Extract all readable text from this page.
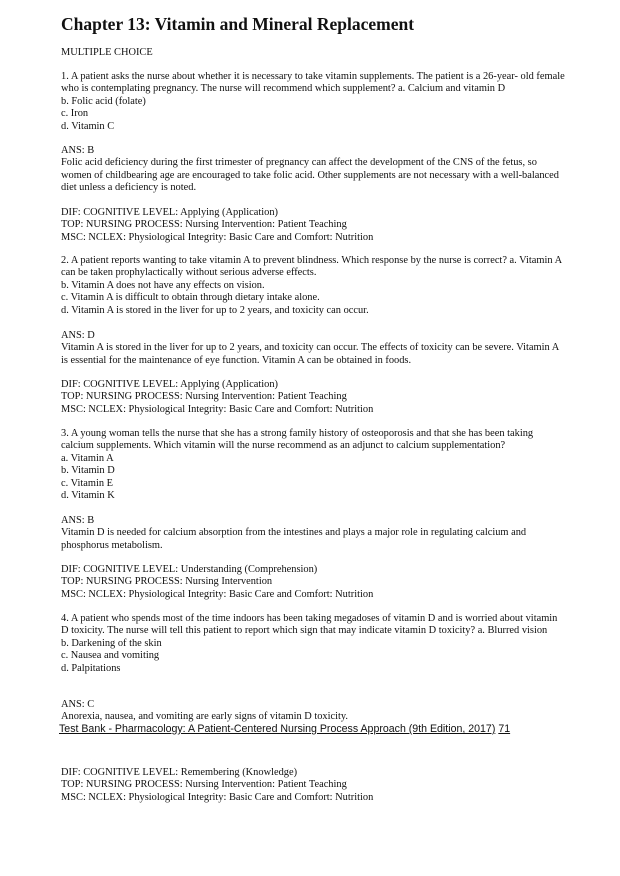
Chapter 13: Vitamin and Mineral Replacement
MULTIPLE CHOICE

1. A patient asks the nurse about whether it is necessary to take vitamin supplements. The patient is a 26-year- old female who is contemplating pregnancy. The nurse will recommend which supplement? a. Calcium and vitamin D

b. Folic acid (folate)
c. Iron
d. Vitamin C
ANS: B

Folic acid deficiency during the first trimester of pregnancy can affect the development of the CNS of the fetus, so women of childbearing age are encouraged to take folic acid. Other supplements are not necessary with a well-balanced diet unless a deficiency is noted.

DIF: COGNITIVE LEVEL: Applying (Application)
TOP: NURSING PROCESS: Nursing Intervention: Patient Teaching
MSC: NCLEX: Physiological Integrity: Basic Care and Comfort: Nutrition

2. A patient reports wanting to take vitamin A to prevent blindness. Which response by the nurse is correct? a. Vitamin A can be taken prophylactically without serious adverse effects.

b. Vitamin A does not have any effects on vision.
c. Vitamin A is difficult to obtain through dietary intake alone.
d. Vitamin A is stored in the liver for up to 2 years, and toxicity can occur.
ANS: D

Vitamin A is stored in the liver for up to 2 years, and toxicity can occur. The effects of toxicity can be severe. Vitamin A is essential for the maintenance of eye function. Vitamin A can be obtained in foods.

DIF: COGNITIVE LEVEL: Applying (Application)
TOP: NURSING PROCESS: Nursing Intervention: Patient Teaching
MSC: NCLEX: Physiological Integrity: Basic Care and Comfort: Nutrition

3. A young woman tells the nurse that she has a strong family history of osteoporosis and that she has been taking calcium supplements. Which vitamin will the nurse recommend as an adjunct to calcium supplementation?

a. Vitamin A
b. Vitamin D
c. Vitamin E
d. Vitamin K
ANS: B

Vitamin D is needed for calcium absorption from the intestines and plays a major role in regulating calcium and phosphorus metabolism.

DIF: COGNITIVE LEVEL: Understanding (Comprehension)
TOP: NURSING PROCESS: Nursing Intervention
MSC: NCLEX: Physiological Integrity: Basic Care and Comfort: Nutrition

4. A patient who spends most of the time indoors has been taking megadoses of vitamin D and is worried about vitamin D toxicity. The nurse will tell this patient to report which sign that may indicate vitamin D toxicity? a. Blurred vision

b. Darkening of the skin
c. Nausea and vomiting
d. Palpitations
ANS: C

Anorexia, nausea, and vomiting are early signs of vitamin D toxicity.

Test Bank - Pharmacology: A Patient-Centered Nursing Process Approach (9th Edition, 2017) 71
DIF: COGNITIVE LEVEL: Remembering (Knowledge)
TOP: NURSING PROCESS: Nursing Intervention: Patient Teaching
MSC: NCLEX: Physiological Integrity: Basic Care and Comfort: Nutrition
